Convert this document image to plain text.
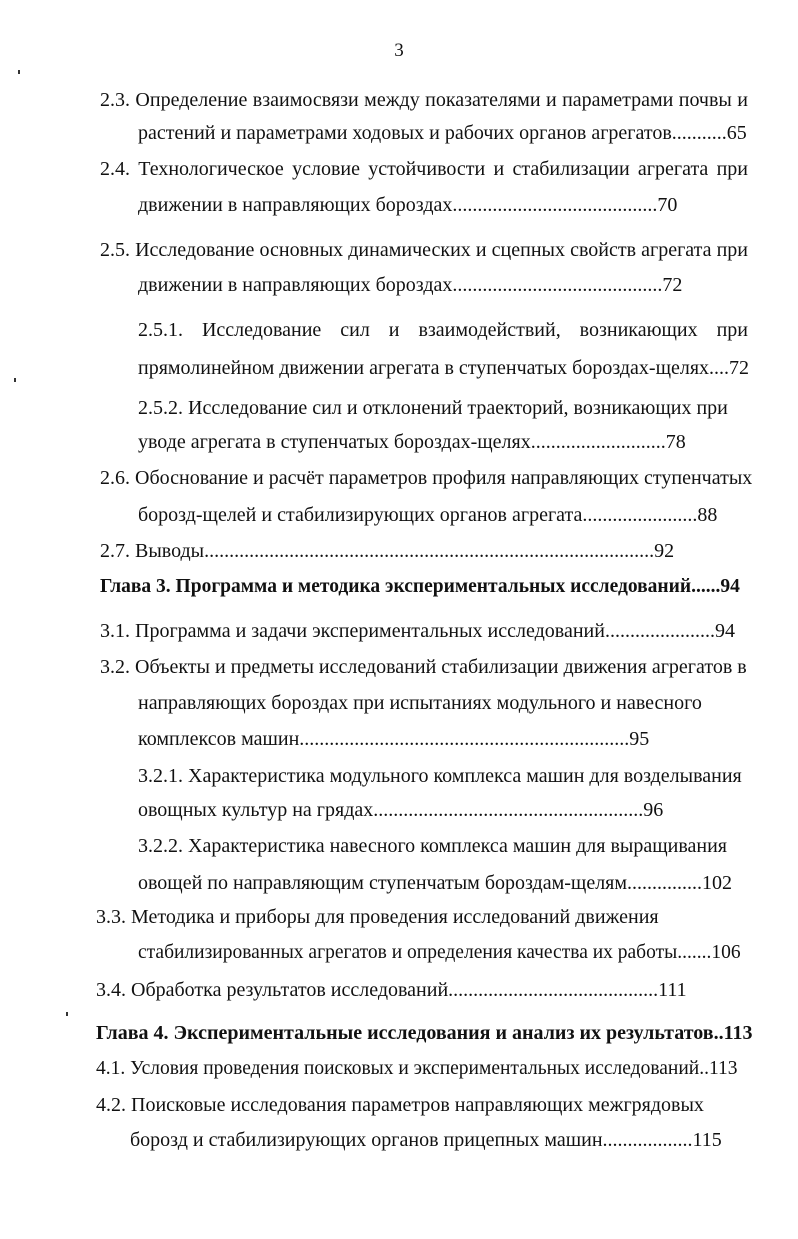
3
2.3. Определение взаимосвязи между показателями и параметрами почвы и
растений и параметрами ходовых и рабочих органов агрегатов...........65
2.4. Технологическое условие устойчивости и стабилизации агрегата при
движении в направляющих бороздах.........................................70
2.5. Исследование основных динамических и сцепных свойств агрегата при
движении в направляющих бороздах..........................................72
2.5.1. Исследование сил и взаимодействий, возникающих при
прямолинейном движении агрегата в ступенчатых бороздах-щелях....72
2.5.2. Исследование сил и отклонений траекторий, возникающих при
уводе агрегата в ступенчатых бороздах-щелях...........................78
2.6. Обоснование и расчёт параметров профиля направляющих ступенчатых
борозд-щелей и стабилизирующих органов агрегата.......................88
2.7. Выводы..........................................................................................92
Глава 3. Программа и методика экспериментальных исследований......94
3.1. Программа и задачи экспериментальных исследований......................94
3.2. Объекты и предметы исследований стабилизации движения агрегатов в
направляющих бороздах при испытаниях модульного и навесного
комплексов машин..................................................................95
3.2.1. Характеристика модульного комплекса машин для возделывания
овощных культур на грядах......................................................96
3.2.2. Характеристика навесного комплекса машин для выращивания
овощей по направляющим ступенчатым бороздам-щелям...............102
3.3. Методика и приборы для проведения исследований движения
стабилизированных агрегатов и определения качества их работы.......106
3.4. Обработка результатов исследований..........................................111
Глава 4. Экспериментальные исследования и анализ их результатов..113
4.1. Условия проведения поисковых и экспериментальных исследований..113
4.2. Поисковые исследования параметров направляющих межгрядовых
борозд и стабилизирующих органов прицепных машин..................115
